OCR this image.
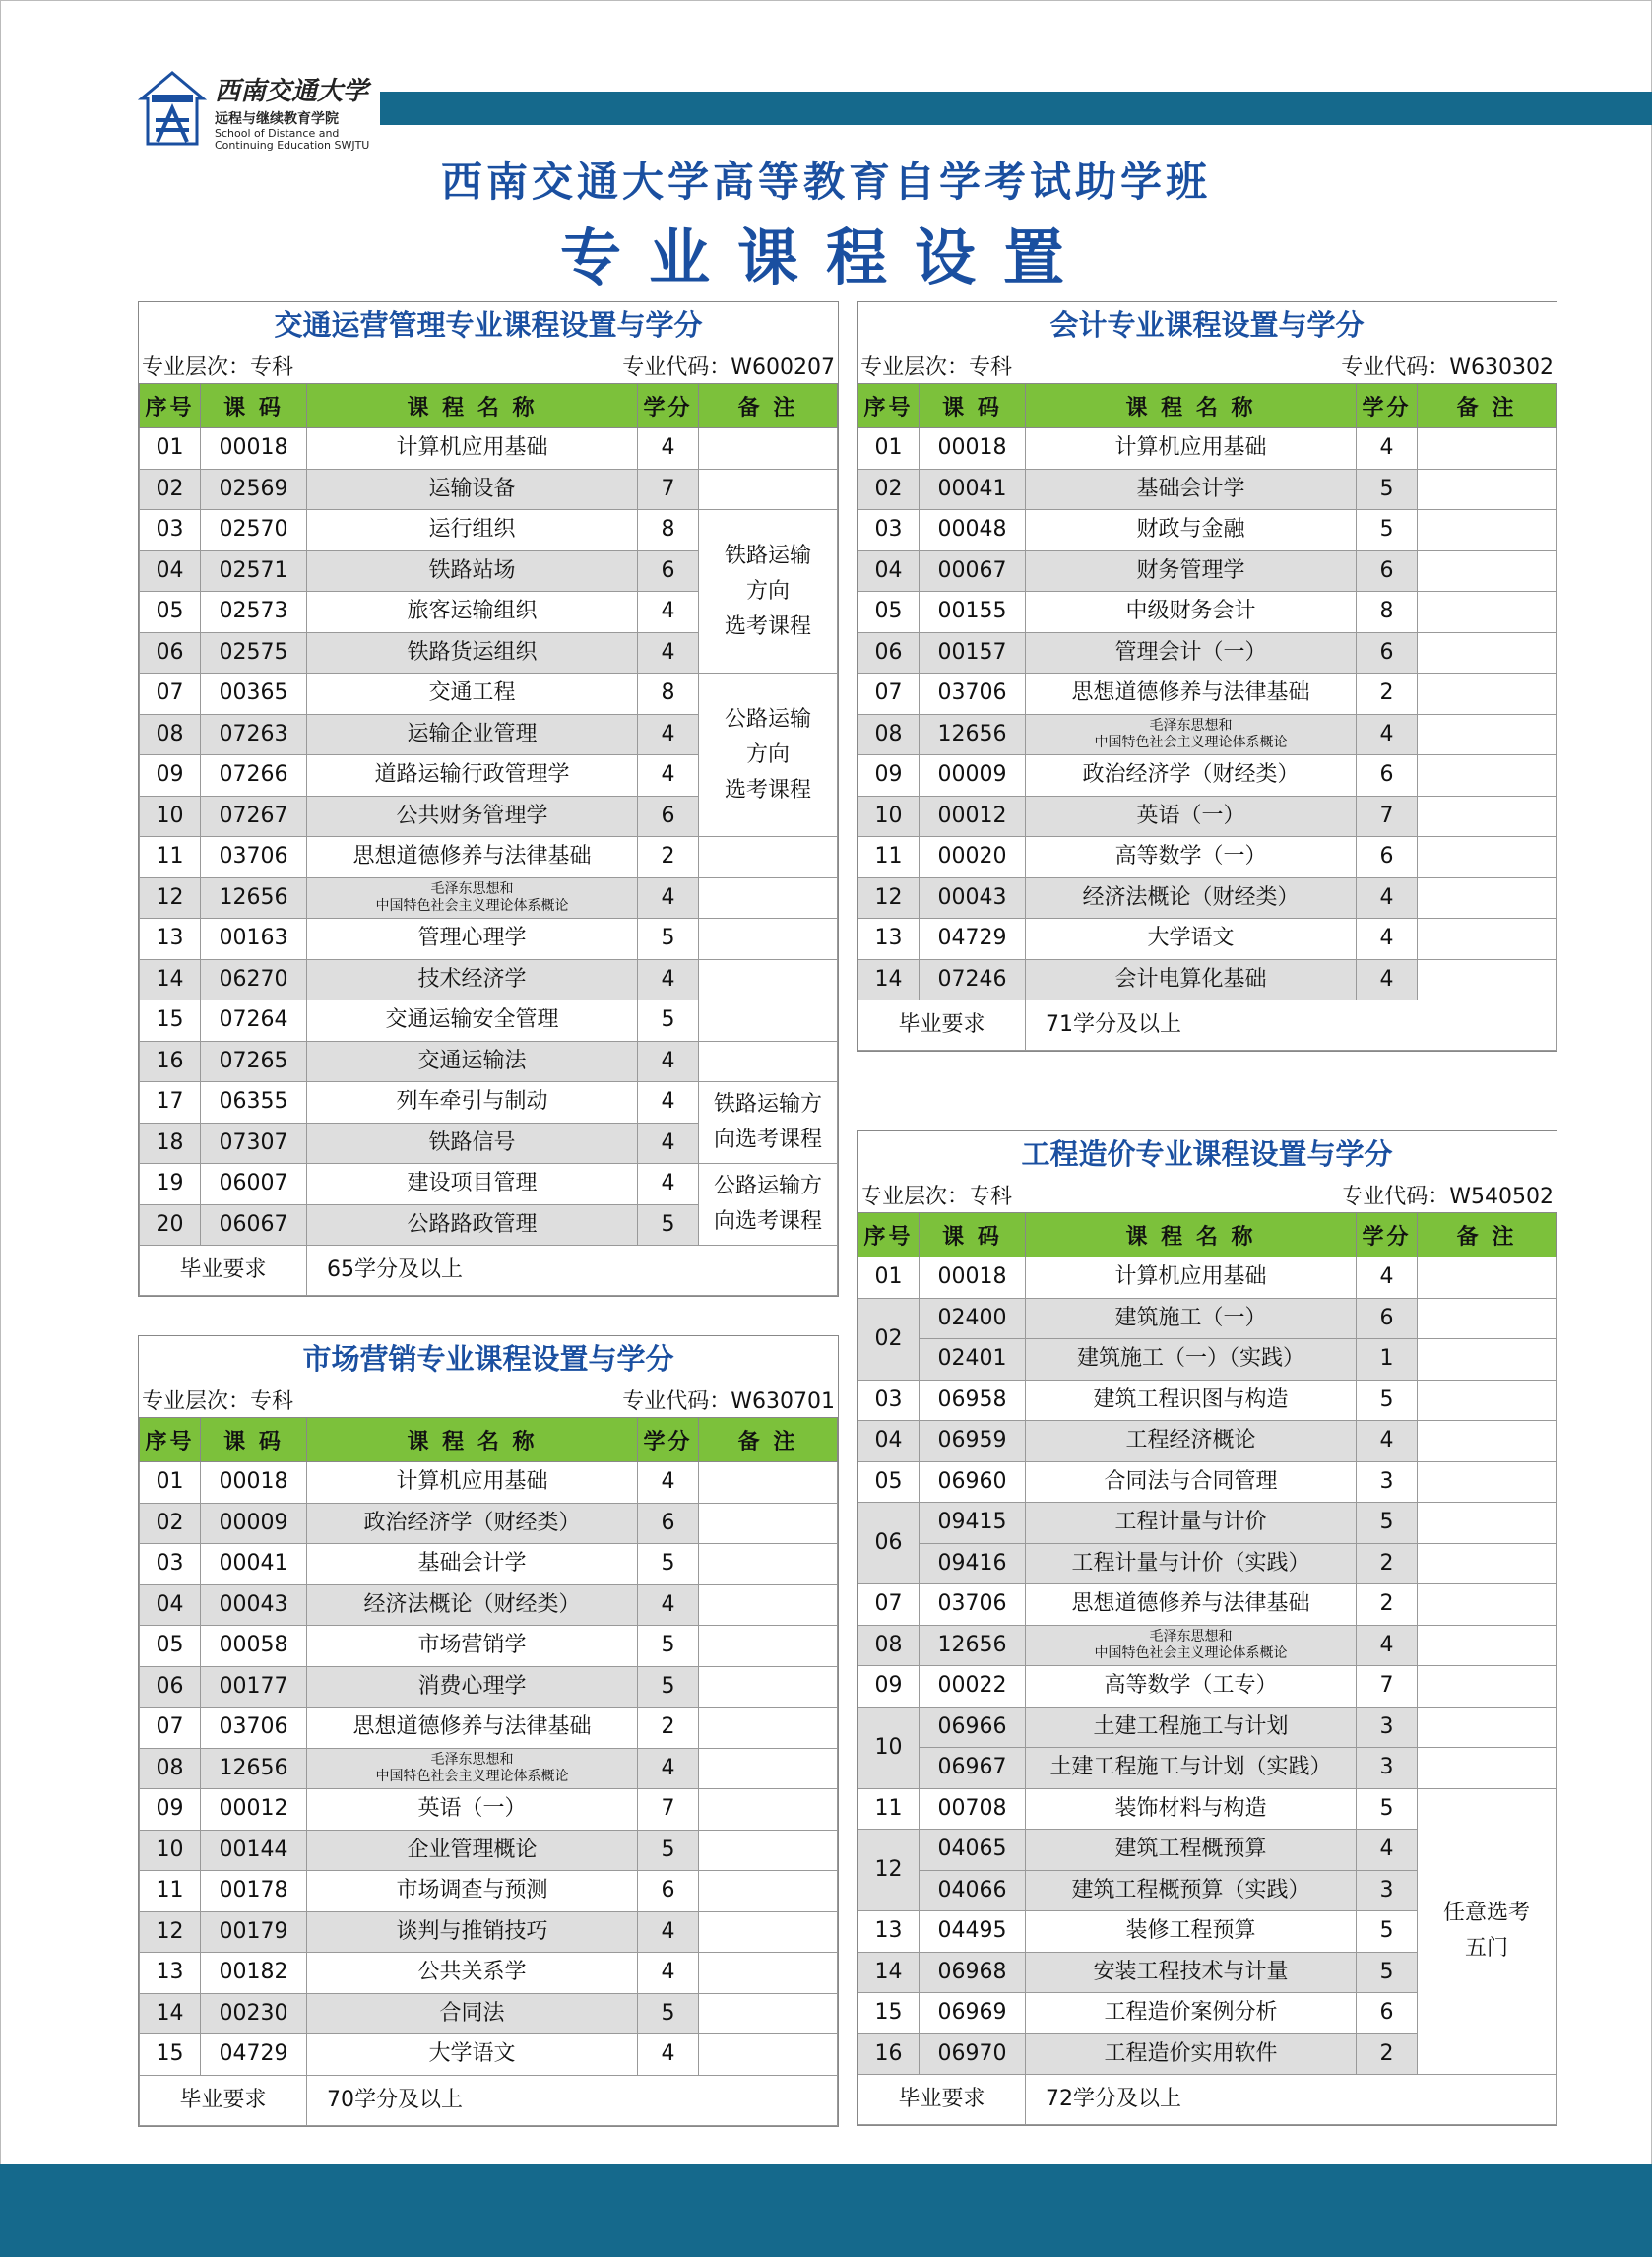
西南交通大学
远程与继续教育学院
School of Distance and
Continuing Education SWJTU
西南交通大学高等教育自学考试助学班
专业课程设置
交通运营管理专业课程设置与学分
专业层次：专科	专业代码：W600207
序号	课 码	课 程 名 称	学分	备 注
01	00018	计算机应用基础	4	
02	02569	运输设备	7	
03	02570	运行组织	8	铁路运输
方向
选考课程
04	02571	铁路站场	6	
05	02573	旅客运输组织	4	
06	02575	铁路货运组织	4	
07	00365	交通工程	8	公路运输
方向
选考课程
08	07263	运输企业管理	4	
09	07266	道路运输行政管理学	4	
10	07267	公共财务管理学	6	
11	03706	思想道德修养与法律基础	2	
12	12656	毛泽东思想和
中国特色社会主义理论体系概论	4	
13	00163	管理心理学	5	
14	06270	技术经济学	4	
15	07264	交通运输安全管理	5	
16	07265	交通运输法	4	
17	06355	列车牵引与制动	4	铁路运输方
向选考课程
18	07307	铁路信号	4	
19	06007	建设项目管理	4	公路运输方
向选考课程
20	06067	公路路政管理	5	
毕业要求		65学分及以上		
市场营销专业课程设置与学分
专业层次：专科	专业代码：W630701
序号	课 码	课 程 名 称	学分	备 注
01	00018	计算机应用基础	4	
02	00009	政治经济学（财经类）	6	
03	00041	基础会计学	5	
04	00043	经济法概论（财经类）	4	
05	00058	市场营销学	5	
06	00177	消费心理学	5	
07	03706	思想道德修养与法律基础	2	
08	12656	毛泽东思想和
中国特色社会主义理论体系概论	4	
09	00012	英语（一）	7	
10	00144	企业管理概论	5	
11	00178	市场调查与预测	6	
12	00179	谈判与推销技巧	4	
13	00182	公共关系学	4	
14	00230	合同法	5	
15	04729	大学语文	4	
毕业要求		70学分及以上		
会计专业课程设置与学分
专业层次：专科	专业代码：W630302
序号	课 码	课 程 名 称	学分	备 注
01	00018	计算机应用基础	4	
02	00041	基础会计学	5	
03	00048	财政与金融	5	
04	00067	财务管理学	6	
05	00155	中级财务会计	8	
06	00157	管理会计（一）	6	
07	03706	思想道德修养与法律基础	2	
08	12656	毛泽东思想和
中国特色社会主义理论体系概论	4	
09	00009	政治经济学（财经类）	6	
10	00012	英语（一）	7	
11	00020	高等数学（一）	6	
12	00043	经济法概论（财经类）	4	
13	04729	大学语文	4	
14	07246	会计电算化基础	4	
毕业要求		71学分及以上		
工程造价专业课程设置与学分
专业层次：专科	专业代码：W540502
序号	课 码	课 程 名 称	学分	备 注
01	00018	计算机应用基础	4	
02	02400	建筑施工（一）	6	
	02401	建筑施工（一）（实践）	1	
03	06958	建筑工程识图与构造	5	
04	06959	工程经济概论	4	
05	06960	合同法与合同管理	3	
06	09415	工程计量与计价	5	
	09416	工程计量与计价（实践）	2	
07	03706	思想道德修养与法律基础	2	
08	12656	毛泽东思想和
中国特色社会主义理论体系概论	4	
09	00022	高等数学（工专）	7	
10	06966	土建工程施工与计划	3	
	06967	土建工程施工与计划（实践）	3	
11	00708	装饰材料与构造	5	任意选考
五门
12	04065	建筑工程概预算	4	
	04066	建筑工程概预算（实践）	3	
13	04495	装修工程预算	5	
14	06968	安装工程技术与计量	5	
15	06969	工程造价案例分析	6	
16	06970	工程造价实用软件	2	
毕业要求		72学分及以上		
